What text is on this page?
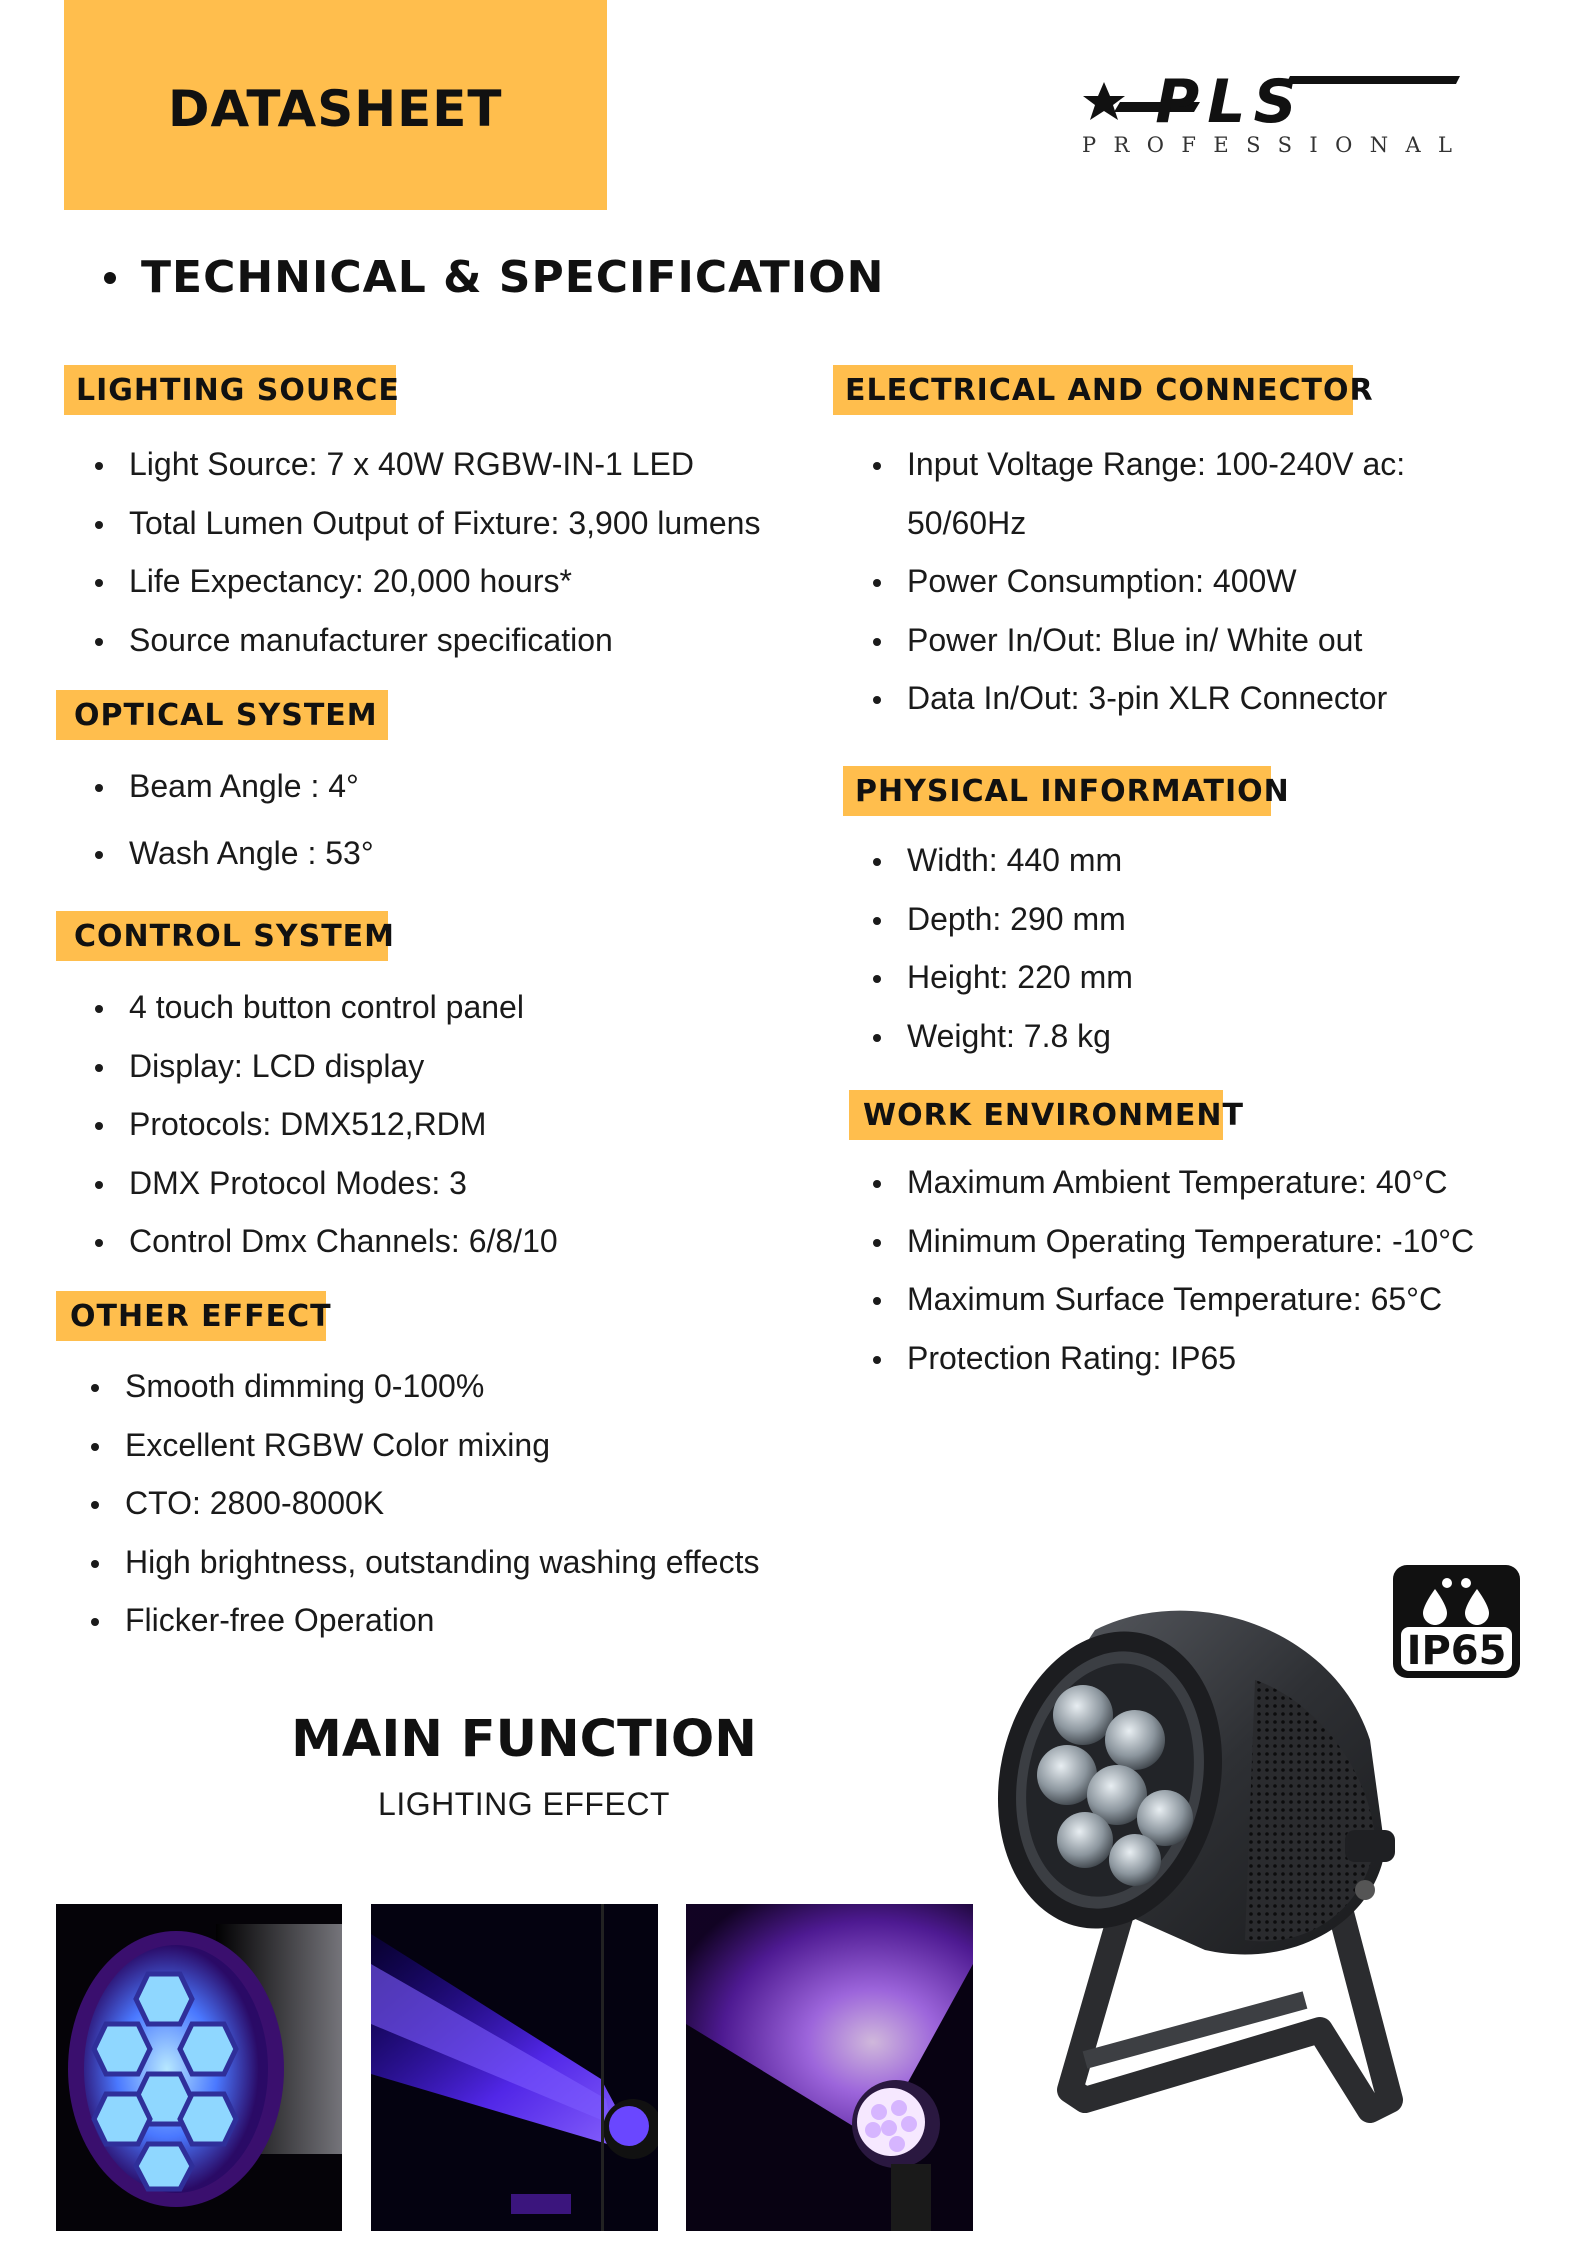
DATASHEET	PLS
PROFESSIONAL
TECHNICAL & SPECIFICATION
LIGHTING SOURCE
Light Source: 7 x 40W RGBW-IN-1 LED
Total Lumen Output of Fixture: 3,900 lumens
Life Expectancy: 20,000 hours*
Source manufacturer specification
OPTICAL SYSTEM
Beam Angle : 4°
Wash Angle : 53°
CONTROL SYSTEM
4 touch button control panel
Display: LCD display
Protocols: DMX512,RDM
DMX Protocol Modes: 3
Control Dmx Channels: 6/8/10
OTHER EFFECT
Smooth dimming 0-100%
Excellent RGBW Color mixing
CTO: 2800-8000K
High brightness, outstanding washing effects
Flicker-free Operation
ELECTRICAL AND CONNECTOR
Input Voltage Range: 100-240V ac:
50/60Hz
Power Consumption: 400W
Power In/Out: Blue in/ White out
Data In/Out: 3-pin XLR Connector
PHYSICAL INFORMATION
Width: 440 mm
Depth: 290 mm
Height: 220 mm
Weight: 7.8 kg
WORK ENVIRONMENT
Maximum Ambient Temperature: 40°C
Minimum Operating Temperature: -10°C
Maximum Surface Temperature: 65°C
Protection Rating: IP65
MAIN FUNCTION
LIGHTING EFFECT
IP65
